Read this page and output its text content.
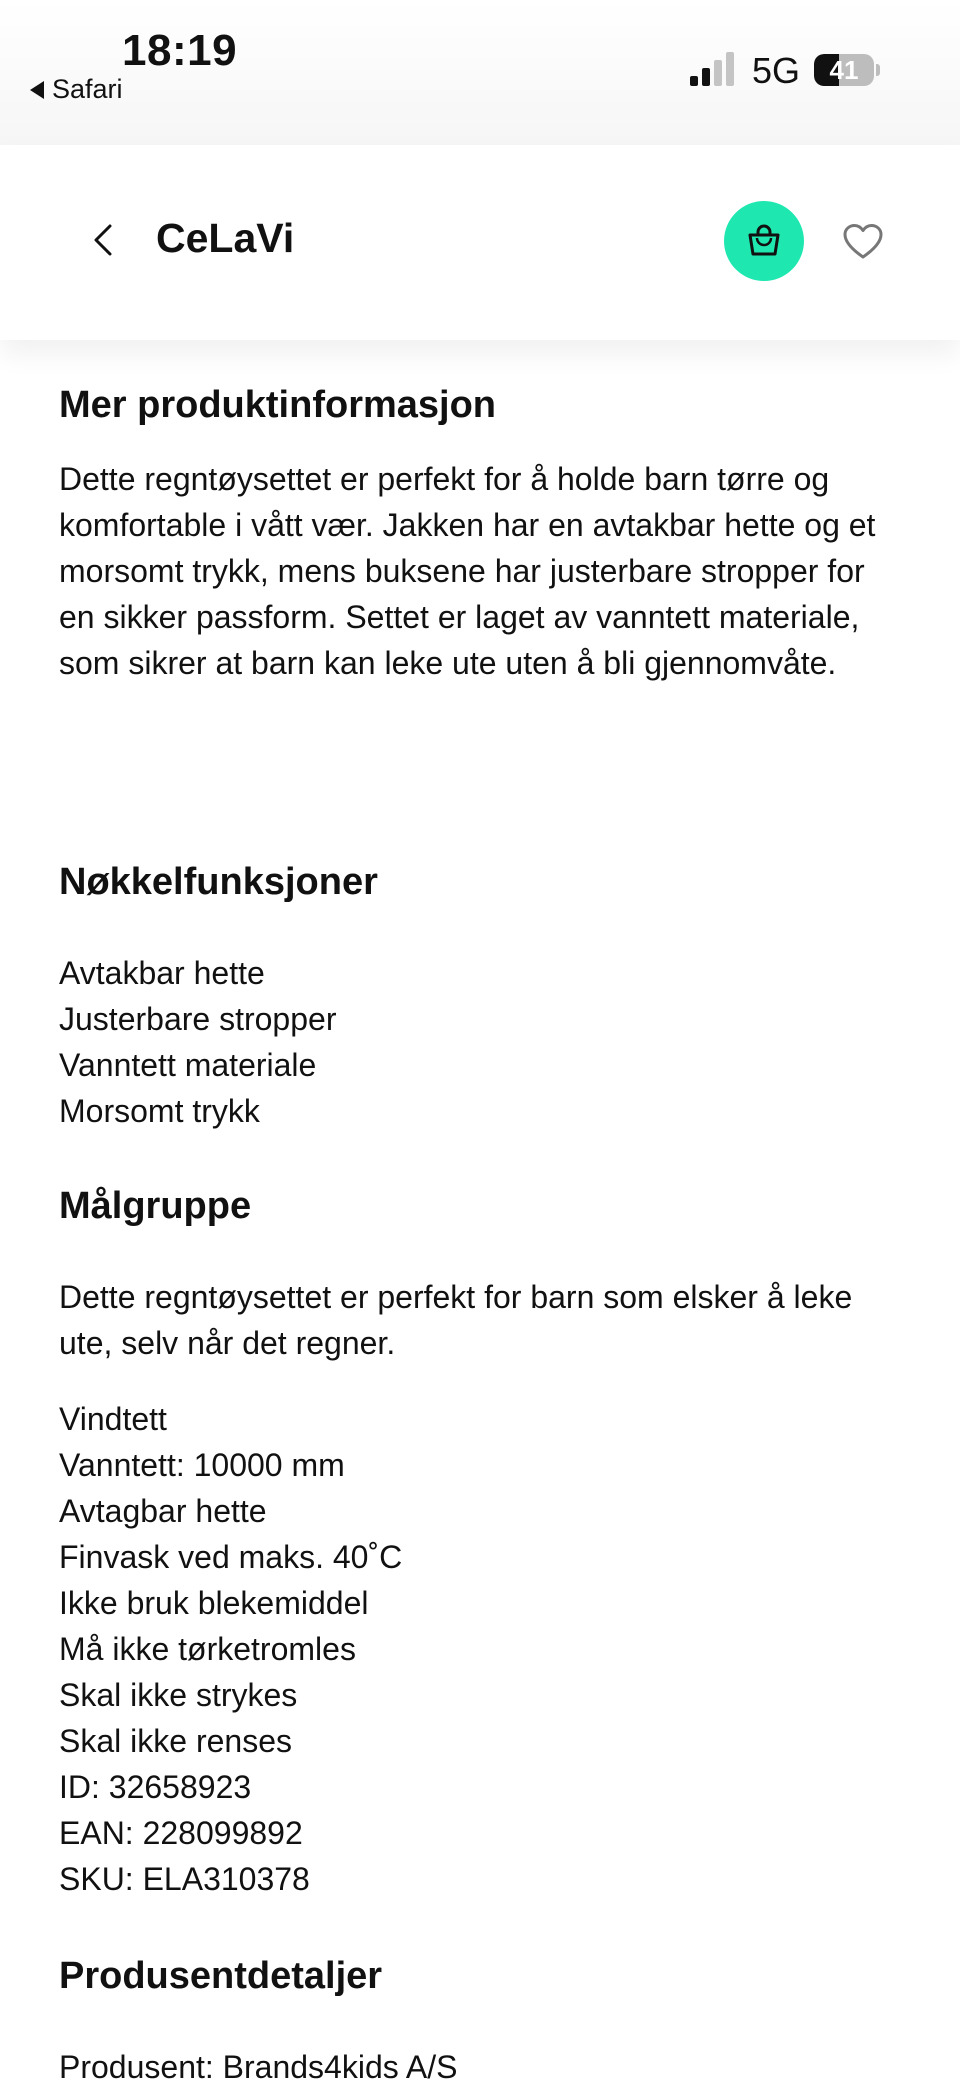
18:19
Safari	5G	41
CeLaVi
Mer produktinformasjon

Dette regntøysettet er perfekt for å holde barn tørre og komfortable i vått vær. Jakken har en avtakbar hette og et morsomt trykk, mens buksene har justerbare stropper for en sikker passform. Settet er laget av vanntett materiale, som sikrer at barn kan leke ute uten å bli gjennomvåte.

Nøkkelfunksjoner
Avtakbar hette
Justerbare stropper
Vanntett materiale
Morsomt trykk
Målgruppe

Dette regntøysettet er perfekt for barn som elsker å leke ute, selv når det regner.

Vindtett
Vanntett: 10000 mm
Avtagbar hette
Finvask ved maks. 40˚C
Ikke bruk blekemiddel
Må ikke tørketromles
Skal ikke strykes
Skal ikke renses
ID: 32658923
EAN: 228099892
SKU: ELA310378
Produsentdetaljer

Produsent: Brands4kids A/S
